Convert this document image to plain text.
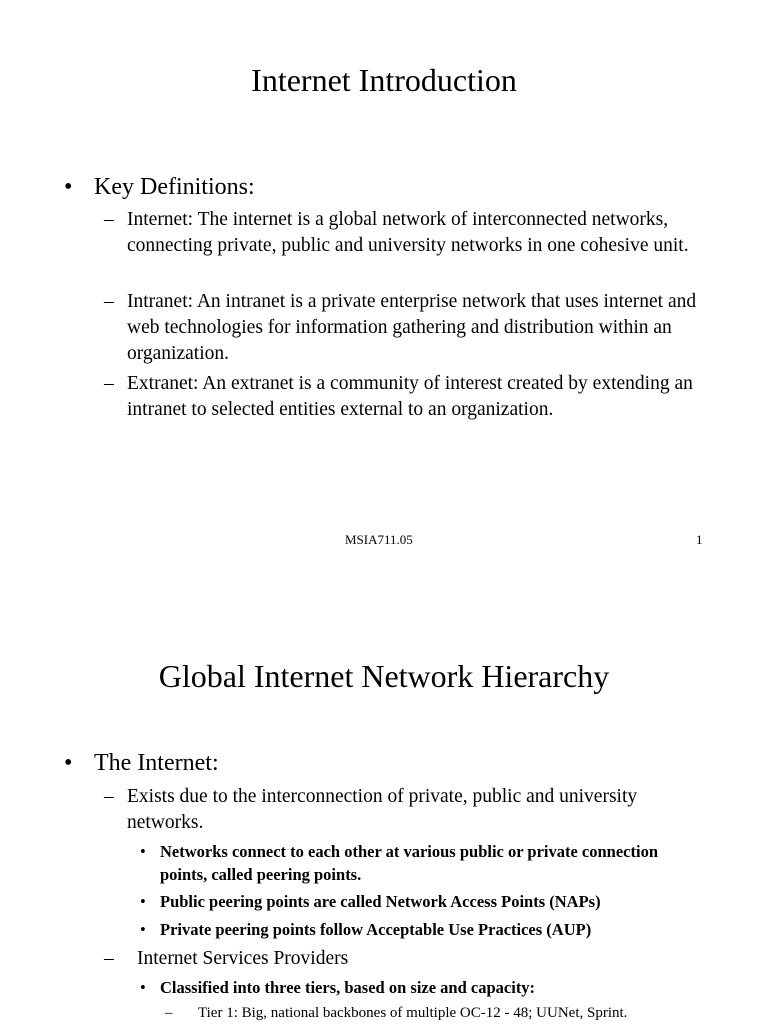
Internet Introduction
• Key Definitions:
– Internet: The internet is a global network of interconnected networks, connecting private, public and university networks in one cohesive unit.
– Intranet: An intranet is a private enterprise network that uses internet and web technologies for information gathering and distribution within an organization.
– Extranet: An extranet is a community of interest created by extending an intranet to selected entities external to an organization.
MSIA711.05	1
Global Internet Network Hierarchy
• The Internet:
– Exists due to the interconnection of private, public and university networks.
• Networks connect to each other at various public or private connection points, called peering points.
• Public peering points are called Network Access Points (NAPs)
• Private peering points follow Acceptable Use Practices (AUP)
– Internet Services Providers
• Classified into three tiers, based on size and capacity:
– Tier 1: Big, national backbones of multiple OC-12 - 48; UUNet, Sprint.
